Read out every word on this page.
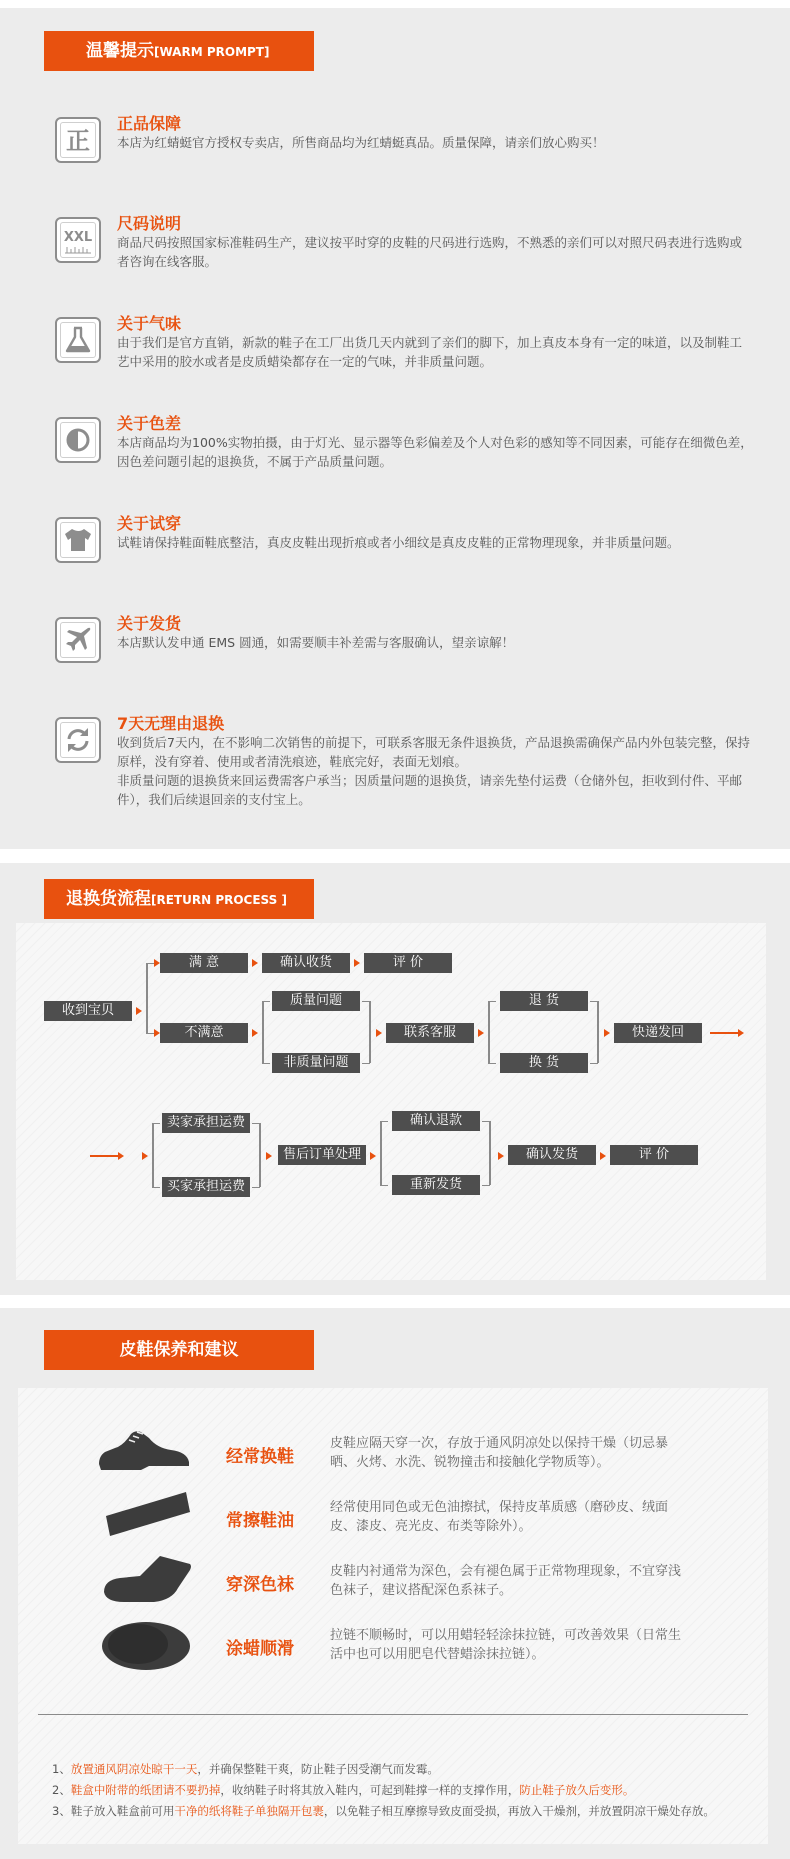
温馨提示[WARM PROMPT]
正
正品保障
本店为红蜻蜓官方授权专卖店，所售商品均为红蜻蜓真品。质量保障，请亲们放心购买！
XXL
尺码说明
商品尺码按照国家标准鞋码生产，建议按平时穿的皮鞋的尺码进行选购，不熟悉的亲们可以对照尺码表进行选购或者咨询在线客服。
关于气味
由于我们是官方直销，新款的鞋子在工厂出货几天内就到了亲们的脚下，加上真皮本身有一定的味道，以及制鞋工艺中采用的胶水或者是皮质蜡染都存在一定的气味，并非质量问题。
关于色差
本店商品均为100%实物拍摄，由于灯光、显示器等色彩偏差及个人对色彩的感知等不同因素，可能存在细微色差，因色差问题引起的退换货，不属于产品质量问题。
关于试穿
试鞋请保持鞋面鞋底整洁，真皮皮鞋出现折痕或者小细纹是真皮皮鞋的正常物理现象，并非质量问题。
关于发货
本店默认发申通 EMS 圆通，如需要顺丰补差需与客服确认，望亲谅解！
7天无理由退换
收到货后7天内，在不影响二次销售的前提下，可联系客服无条件退换货，产品退换需确保产品内外包装完整，保持原样，没有穿着、使用或者清洗痕迹，鞋底完好，表面无划痕。
非质量问题的退换货来回运费需客户承当；因质量问题的退换货，请亲先垫付运费（仓储外包，拒收到付件、平邮件），我们后续退回亲的支付宝上。
退换货流程[RETURN PROCESS ]
收到宝贝
满 意	确认收货	评 价
不满意
质量问题
非质量问题
联系客服
退 货
换 货
快递发回
卖家承担运费
买家承担运费
售后订单处理
确认退款
重新发货
确认发货	评 价
皮鞋保养和建议
经常换鞋
皮鞋应隔天穿一次，存放于通风阴凉处以保持干燥（切忌暴晒、火烤、水洗、锐物撞击和接触化学物质等）。
常擦鞋油
经常使用同色或无色油擦拭，保持皮革质感（磨砂皮、绒面皮、漆皮、亮光皮、布类等除外）。
穿深色袜
皮鞋内衬通常为深色，会有褪色属于正常物理现象，不宜穿浅色袜子，建议搭配深色系袜子。
涂蜡顺滑
拉链不顺畅时，可以用蜡轻轻涂抹拉链，可改善效果（日常生活中也可以用肥皂代替蜡涂抹拉链）。
1、放置通风阴凉处晾干一天，并确保整鞋干爽，防止鞋子因受潮气而发霉。
2、鞋盒中附带的纸团请不要扔掉，收纳鞋子时将其放入鞋内，可起到鞋撑一样的支撑作用，防止鞋子放久后变形。
3、鞋子放入鞋盒前可用干净的纸将鞋子单独隔开包裹，以免鞋子相互摩擦导致皮面受损，再放入干燥剂，并放置阴凉干燥处存放。
